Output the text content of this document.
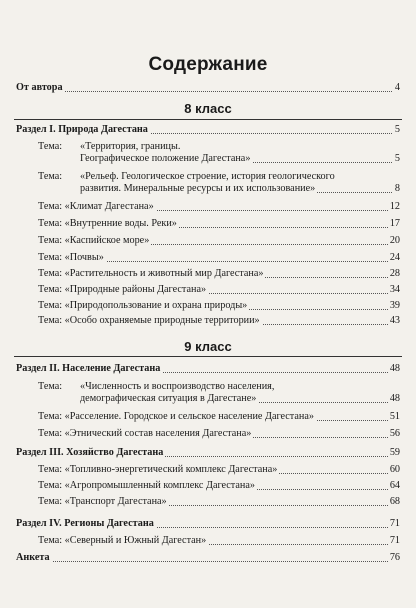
Содержание
От автора	4
8 класс
Раздел I. Природа Дагестана	5
Тема: «Территория, границы.
Географическое положение Дагестана»	5
Тема: «Рельеф. Геологическое строение, история геологического
развития. Минеральные ресурсы и их использование»	8
Тема: «Климат Дагестана»	12
Тема: «Внутренние воды. Реки»	17
Тема: «Каспийское море»	20
Тема: «Почвы»	24
Тема: «Растительность и животный мир Дагестана»	28
Тема: «Природные районы Дагестана»	34
Тема: «Природопользование и охрана природы»	39
Тема: «Особо охраняемые природные территории»	43
9 класс
Раздел II. Население Дагестана	48
Тема: «Численность и воспроизводство населения,
демографическая ситуация в Дагестане»	48
Тема: «Расселение. Городское и сельское население Дагестана»	51
Тема: «Этнический состав населения Дагестана»	56
Раздел III. Хозяйство Дагестана	59
Тема: «Топливно-энергетический комплекс Дагестана»	60
Тема: «Агропромышленный комплекс Дагестана»	64
Тема: «Транспорт Дагестана»	68
Раздел IV. Регионы Дагестана	71
Тема: «Северный и Южный Дагестан»	71
Анкета	76
